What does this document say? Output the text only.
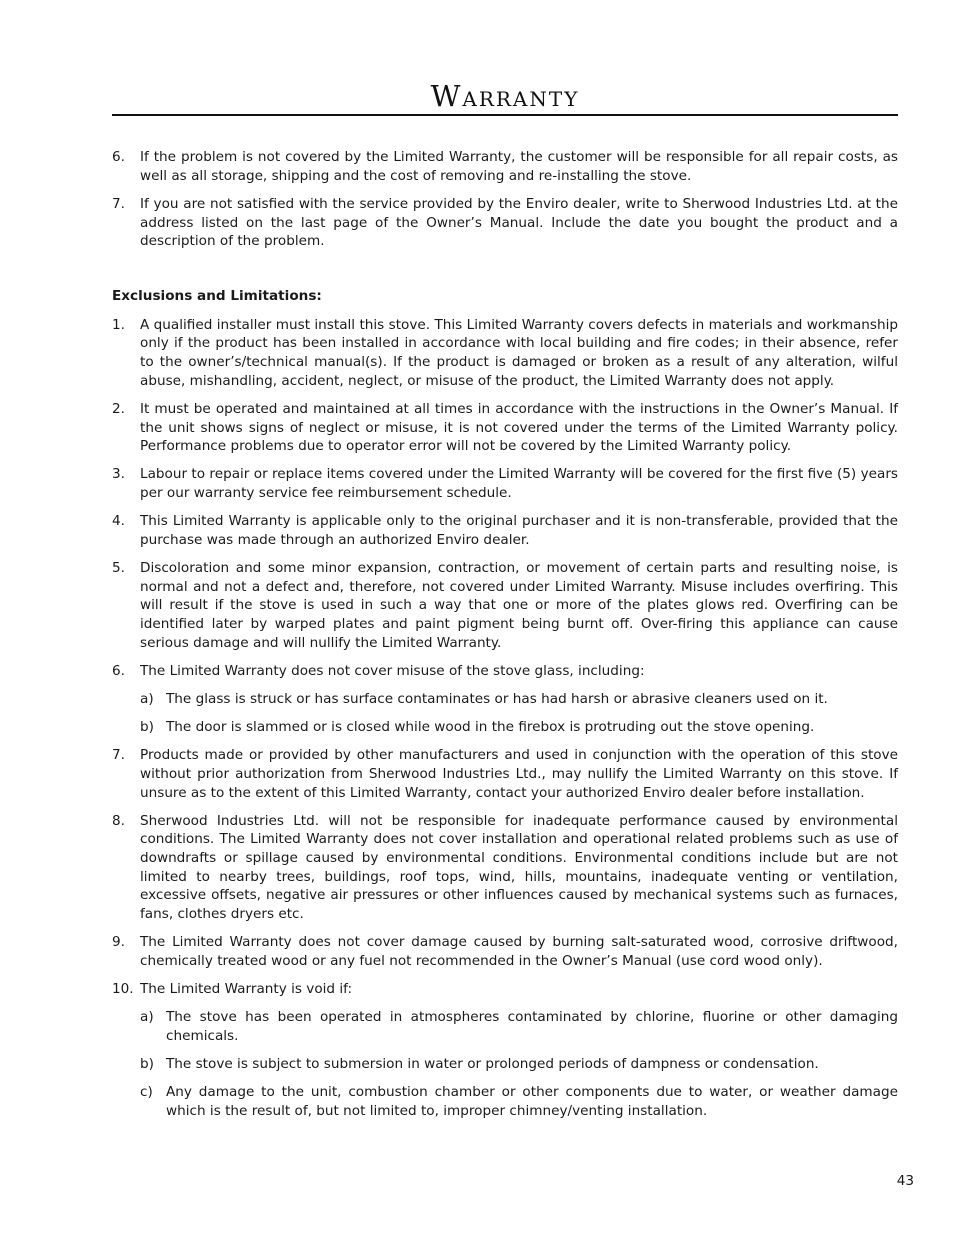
Warranty
6.	If the problem is not covered by the Limited Warranty, the customer will be responsible for all repair costs, as well as all storage, shipping and the cost of removing and re-installing the stove.
7.	If you are not satisfied with the service provided by the Enviro dealer, write to Sherwood Industries Ltd. at the address listed on the last page of the Owner’s Manual. Include the date you bought the product and a description of the problem.
Exclusions and Limitations:
1.	A qualified installer must install this stove. This Limited Warranty covers defects in materials and workmanship only if the product has been installed in accordance with local building and fire codes; in their absence, refer to the owner’s/technical manual(s). If the product is damaged or broken as a result of any alteration, wilful abuse, mishandling, accident, neglect, or misuse of the product, the Limited Warranty does not apply.
2.	It must be operated and maintained at all times in accordance with the instructions in the Owner’s Manual. If the unit shows signs of neglect or misuse, it is not covered under the terms of the Limited Warranty policy. Performance problems due to operator error will not be covered by the Limited Warranty policy.
3.	Labour to repair or replace items covered under the Limited Warranty will be covered for the first five (5) years per our warranty service fee reimbursement schedule.
4.	This Limited Warranty is applicable only to the original purchaser and it is non-transferable, provided that the purchase was made through an authorized Enviro dealer.
5.	Discoloration and some minor expansion, contraction, or movement of certain parts and resulting noise, is normal and not a defect and, therefore, not covered under Limited Warranty. Misuse includes overfiring. This will result if the stove is used in such a way that one or more of the plates glows red. Overfiring can be identified later by warped plates and paint pigment being burnt off. Over-firing this appliance can cause serious damage and will nullify the Limited Warranty.
6.	The Limited Warranty does not cover misuse of the stove glass, including:
a) The glass is struck or has surface contaminates or has had harsh or abrasive cleaners used on it.
b) The door is slammed or is closed while wood in the firebox is protruding out the stove opening.
7.	Products made or provided by other manufacturers and used in conjunction with the operation of this stove without prior authorization from Sherwood Industries Ltd., may nullify the Limited Warranty on this stove. If unsure as to the extent of this Limited Warranty, contact your authorized Enviro dealer before installation.
8.	Sherwood Industries Ltd. will not be responsible for inadequate performance caused by environmental conditions. The Limited Warranty does not cover installation and operational related problems such as use of downdrafts or spillage caused by environmental conditions. Environmental conditions include but are not limited to nearby trees, buildings, roof tops, wind, hills, mountains, inadequate venting or ventilation, excessive offsets, negative air pressures or other influences caused by mechanical systems such as furnaces, fans, clothes dryers etc.
9.	The Limited Warranty does not cover damage caused by burning salt-saturated wood, corrosive driftwood, chemically treated wood or any fuel not recommended in the Owner’s Manual (use cord wood only).
10. The Limited Warranty is void if:
a) The stove has been operated in atmospheres contaminated by chlorine, fluorine or other damaging chemicals.
b) The stove is subject to submersion in water or prolonged periods of dampness or condensation.
c) Any damage to the unit, combustion chamber or other components due to water, or weather damage which is the result of, but not limited to, improper chimney/venting installation.
43
